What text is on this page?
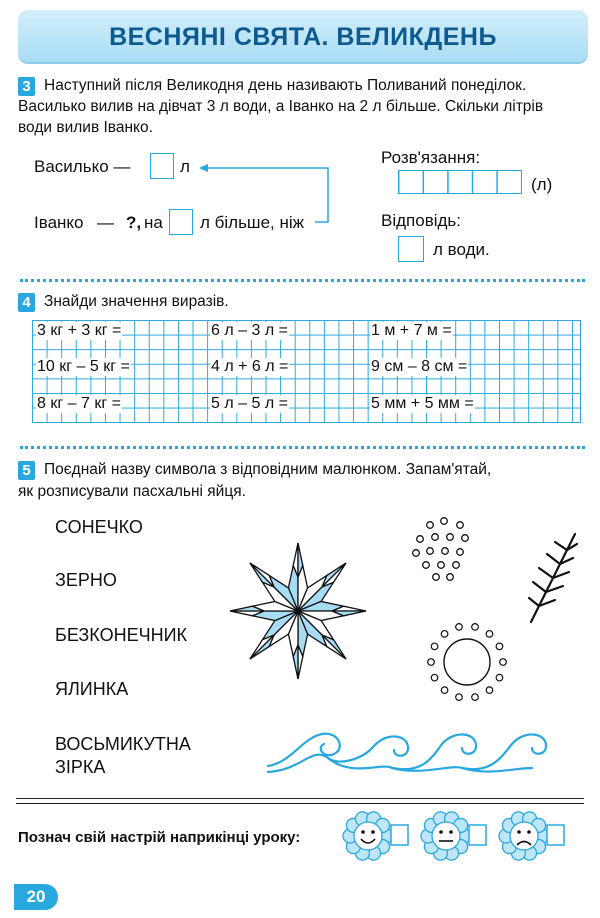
ВЕСНЯНІ СВЯТА. ВЕЛИКДЕНЬ
3 Наступний після Великодня день називають Поливаний понеділок.
Василько вилив на дівчат 3 л води, а Іванко на 2 л більше. Скільки літрів
води вилив Іванко.
Василько —	л
Іванко — ?, на л більше, ніж
Розв'язання:
(л)
Відповідь:
л води.
4 Знайди значення виразів.
3 кг + 3 кг =	6 л – 3 л =	1 м + 7 м =
10 кг – 5 кг =	4 л + 6 л =	9 см – 8 см =
8 кг – 7 кг =	5 л – 5 л =	5 мм + 5 мм =
5 Поєднай назву символа з відповідним малюнком. Запам'ятай,
як розписували пасхальні яйця.
СОНЕЧКО
ЗЕРНО
БЕЗКОНЕЧНИК
ЯЛИНКА
ВОСЬМИКУТНА
ЗІРКА
Познач свій настрій наприкінці уроку:
20
